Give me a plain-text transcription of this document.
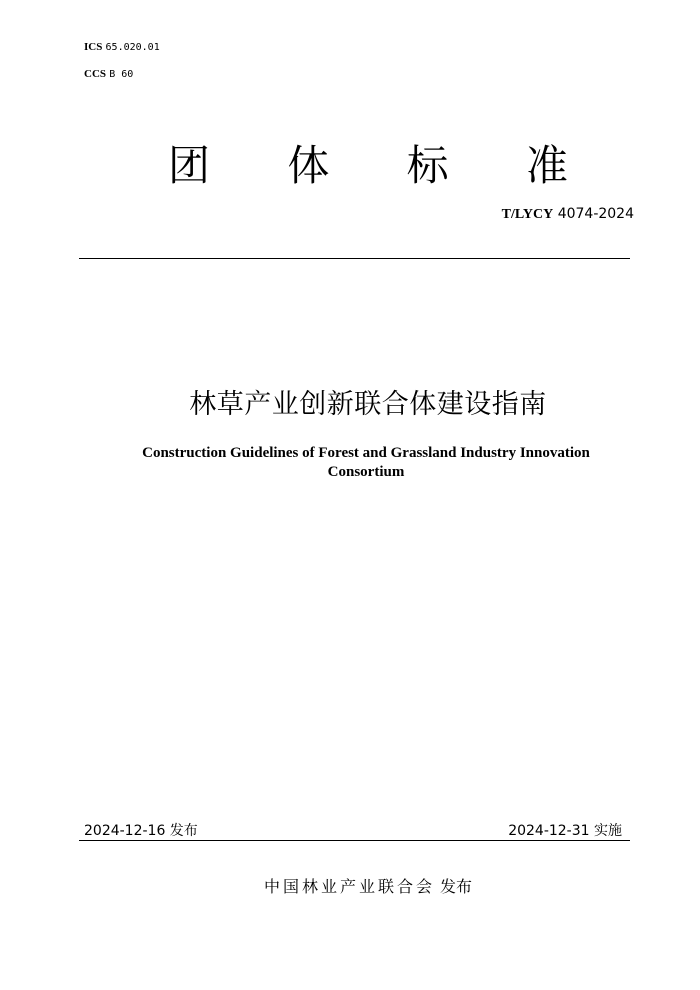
ICS 65.020.01
CCS B 60
团 体 标 准
T/LYCY 4074-2024
林草产业创新联合体建设指南
Construction Guidelines of Forest and Grassland Industry Innovation Consortium
2024-12-16 发布	2024-12-31 实施
中国林业产业联合会 发布
